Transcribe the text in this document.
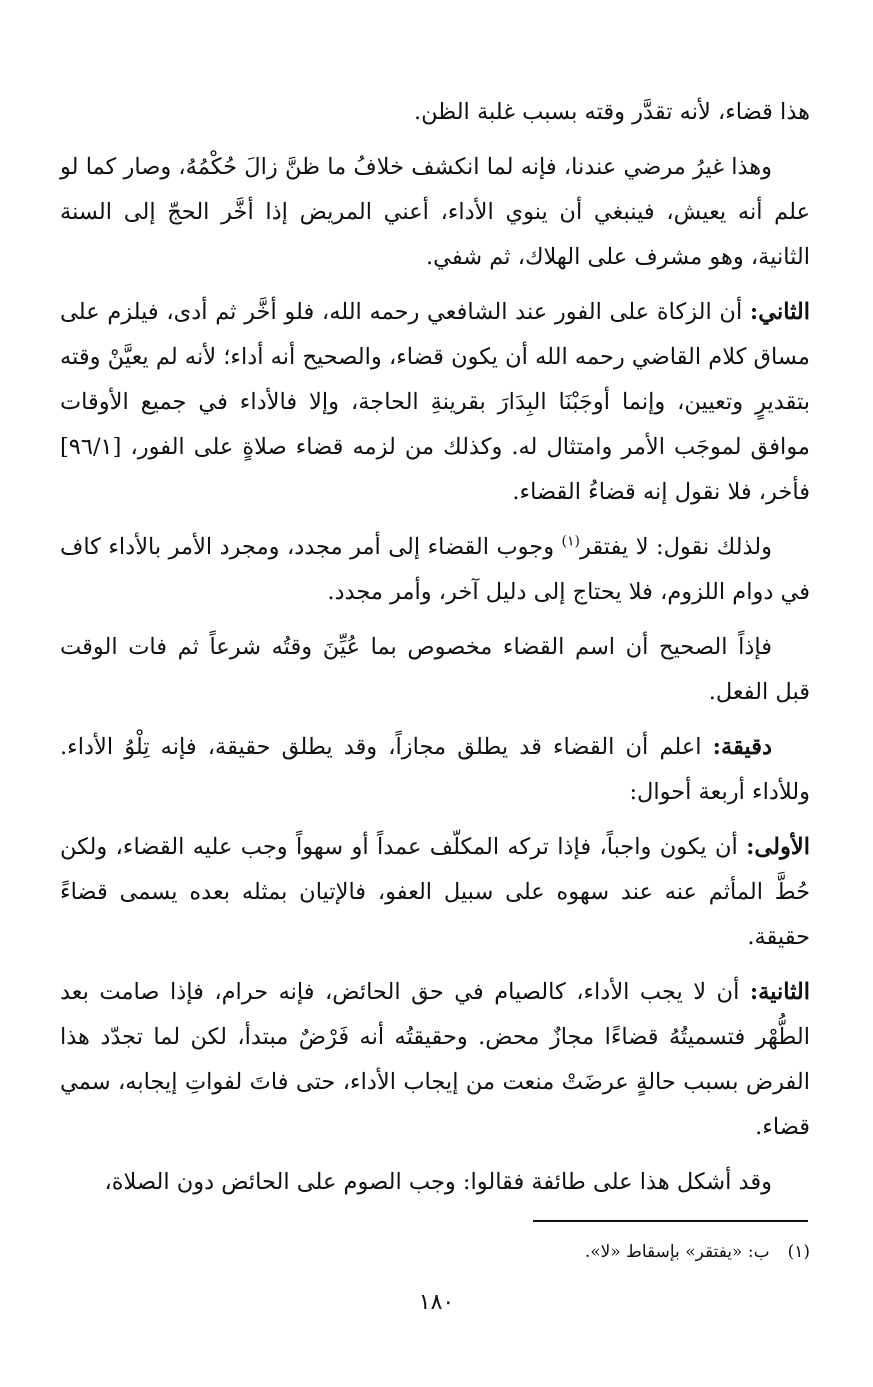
هذا قضاء، لأنه تقدَّر وقته بسبب غلبة الظن.

وهذا غيرُ مرضي عندنا، فإنه لما انكشف خلافُ ما ظنَّ زالَ حُكْمُهُ، وصار كما لو علم أنه يعيش، فينبغي أن ينوي الأداء، أعني المريض إذا أخَّر الحجّ إلى السنة الثانية، وهو مشرف على الهلاك، ثم شفي.

الثاني: أن الزكاة على الفور عند الشافعي رحمه الله، فلو أخَّر ثم أدى، فيلزم على مساق كلام القاضي رحمه الله أن يكون قضاء، والصحيح أنه أداء؛ لأنه لم يعيَّنْ وقته بتقديرٍ وتعيين، وإنما أوجَبْنَا البِدَارَ بقرينةِ الحاجة، وإلا فالأداء في جميع الأوقات موافق لموجَب الأمر وامتثال له. وكذلك من لزمه قضاء صلاةٍ على الفور، [٩٦/١] فأخر، فلا نقول إنه قضاءُ القضاء.

ولذلك نقول: لا يفتقر$^{(١)}$ وجوب القضاء إلى أمر مجدد، ومجرد الأمر بالأداء كاف في دوام اللزوم، فلا يحتاج إلى دليل آخر، وأمر مجدد.

فإذاً الصحيح أن اسم القضاء مخصوص بما عُيِّنَ وقتُه شرعاً ثم فات الوقت قبل الفعل.

دقيقة: اعلم أن القضاء قد يطلق مجازاً، وقد يطلق حقيقة، فإنه تِلْوُ الأداء. وللأداء أربعة أحوال:

الأولى: أن يكون واجباً، فإذا تركه المكلّف عمداً أو سهواً وجب عليه القضاء، ولكن حُطَّ المأثم عنه عند سهوه على سبيل العفو، فالإتيان بمثله بعده يسمى قضاءً حقيقة.

الثانية: أن لا يجب الأداء، كالصيام في حق الحائض، فإنه حرام، فإذا صامت بعد الطُّهْر فتسميتُهُ قضاءًا مجازٌ محض. وحقيقتُه أنه فَرْضٌ مبتدأ، لكن لما تجدّد هذا الفرض بسبب حالةٍ عرضَتْ منعت من إيجاب الأداء، حتى فاتَ لفواتِ إيجابه، سمي قضاء.

وقد أشكل هذا على طائفة فقالوا: وجب الصوم على الحائض دون الصلاة،

(١)ب: «يفتقر» بإسقاط «لا».
١٨٠
